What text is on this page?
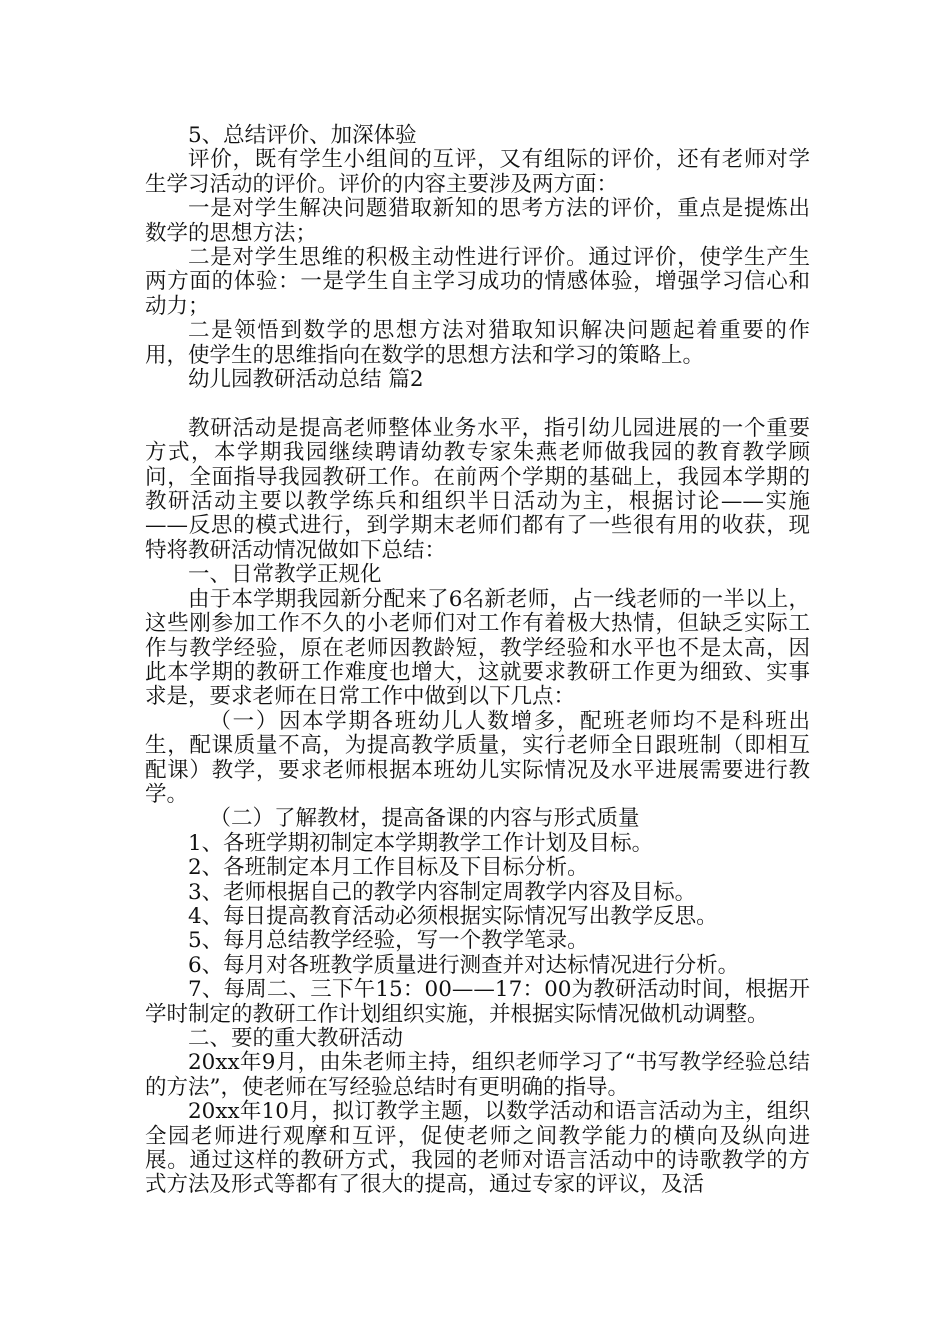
5、总结评价、加深体验

评价，既有学生小组间的互评，又有组际的评价，还有老师对学生学习活动的评价。评价的内容主要涉及两方面：

一是对学生解决问题猎取新知的思考方法的评价，重点是提炼出数学的思想方法；

二是对学生思维的积极主动性进行评价。通过评价，使学生产生两方面的体验：一是学生自主学习成功的情感体验，增强学习信心和动力；

二是领悟到数学的思想方法对猎取知识解决问题起着重要的作用，使学生的思维指向在数学的思想方法和学习的策略上。

幼儿园教研活动总结 篇2

教研活动是提高老师整体业务水平，指引幼儿园进展的一个重要方式，本学期我园继续聘请幼教专家朱燕老师做我园的教育教学顾问，全面指导我园教研工作。在前两个学期的基础上，我园本学期的教研活动主要以教学练兵和组织半日活动为主，根据讨论——实施——反思的模式进行，到学期末老师们都有了一些很有用的收获，现特将教研活动情况做如下总结：

一、日常教学正规化

由于本学期我园新分配来了6名新老师，占一线老师的一半以上，这些刚参加工作不久的小老师们对工作有着极大热情，但缺乏实际工作与教学经验，原在老师因教龄短，教学经验和水平也不是太高，因此本学期的教研工作难度也增大，这就要求教研工作更为细致、实事求是，要求老师在日常工作中做到以下几点：

（一）因本学期各班幼儿人数增多，配班老师均不是科班出生，配课质量不高，为提高教学质量，实行老师全日跟班制（即相互配课）教学，要求老师根据本班幼儿实际情况及水平进展需要进行教学。

（二）了解教材，提高备课的内容与形式质量

1、各班学期初制定本学期教学工作计划及目标。

2、各班制定本月工作目标及下目标分析。

3、老师根据自己的教学内容制定周教学内容及目标。

4、每日提高教育活动必须根据实际情况写出教学反思。

5、每月总结教学经验，写一个教学笔录。

6、每月对各班教学质量进行测查并对达标情况进行分析。

7、每周二、三下午15：00——17：00为教研活动时间，根据开学时制定的教研工作计划组织实施，并根据实际情况做机动调整。

二、要的重大教研活动

20xx年9月，由朱老师主持，组织老师学习了“书写教学经验总结的方法”，使老师在写经验总结时有更明确的指导。

20xx年10月，拟订教学主题，以数学活动和语言活动为主，组织全园老师进行观摩和互评，促使老师之间教学能力的横向及纵向进展。通过这样的教研方式，我园的老师对语言活动中的诗歌教学的方式方法及形式等都有了很大的提高，通过专家的评议，及活
